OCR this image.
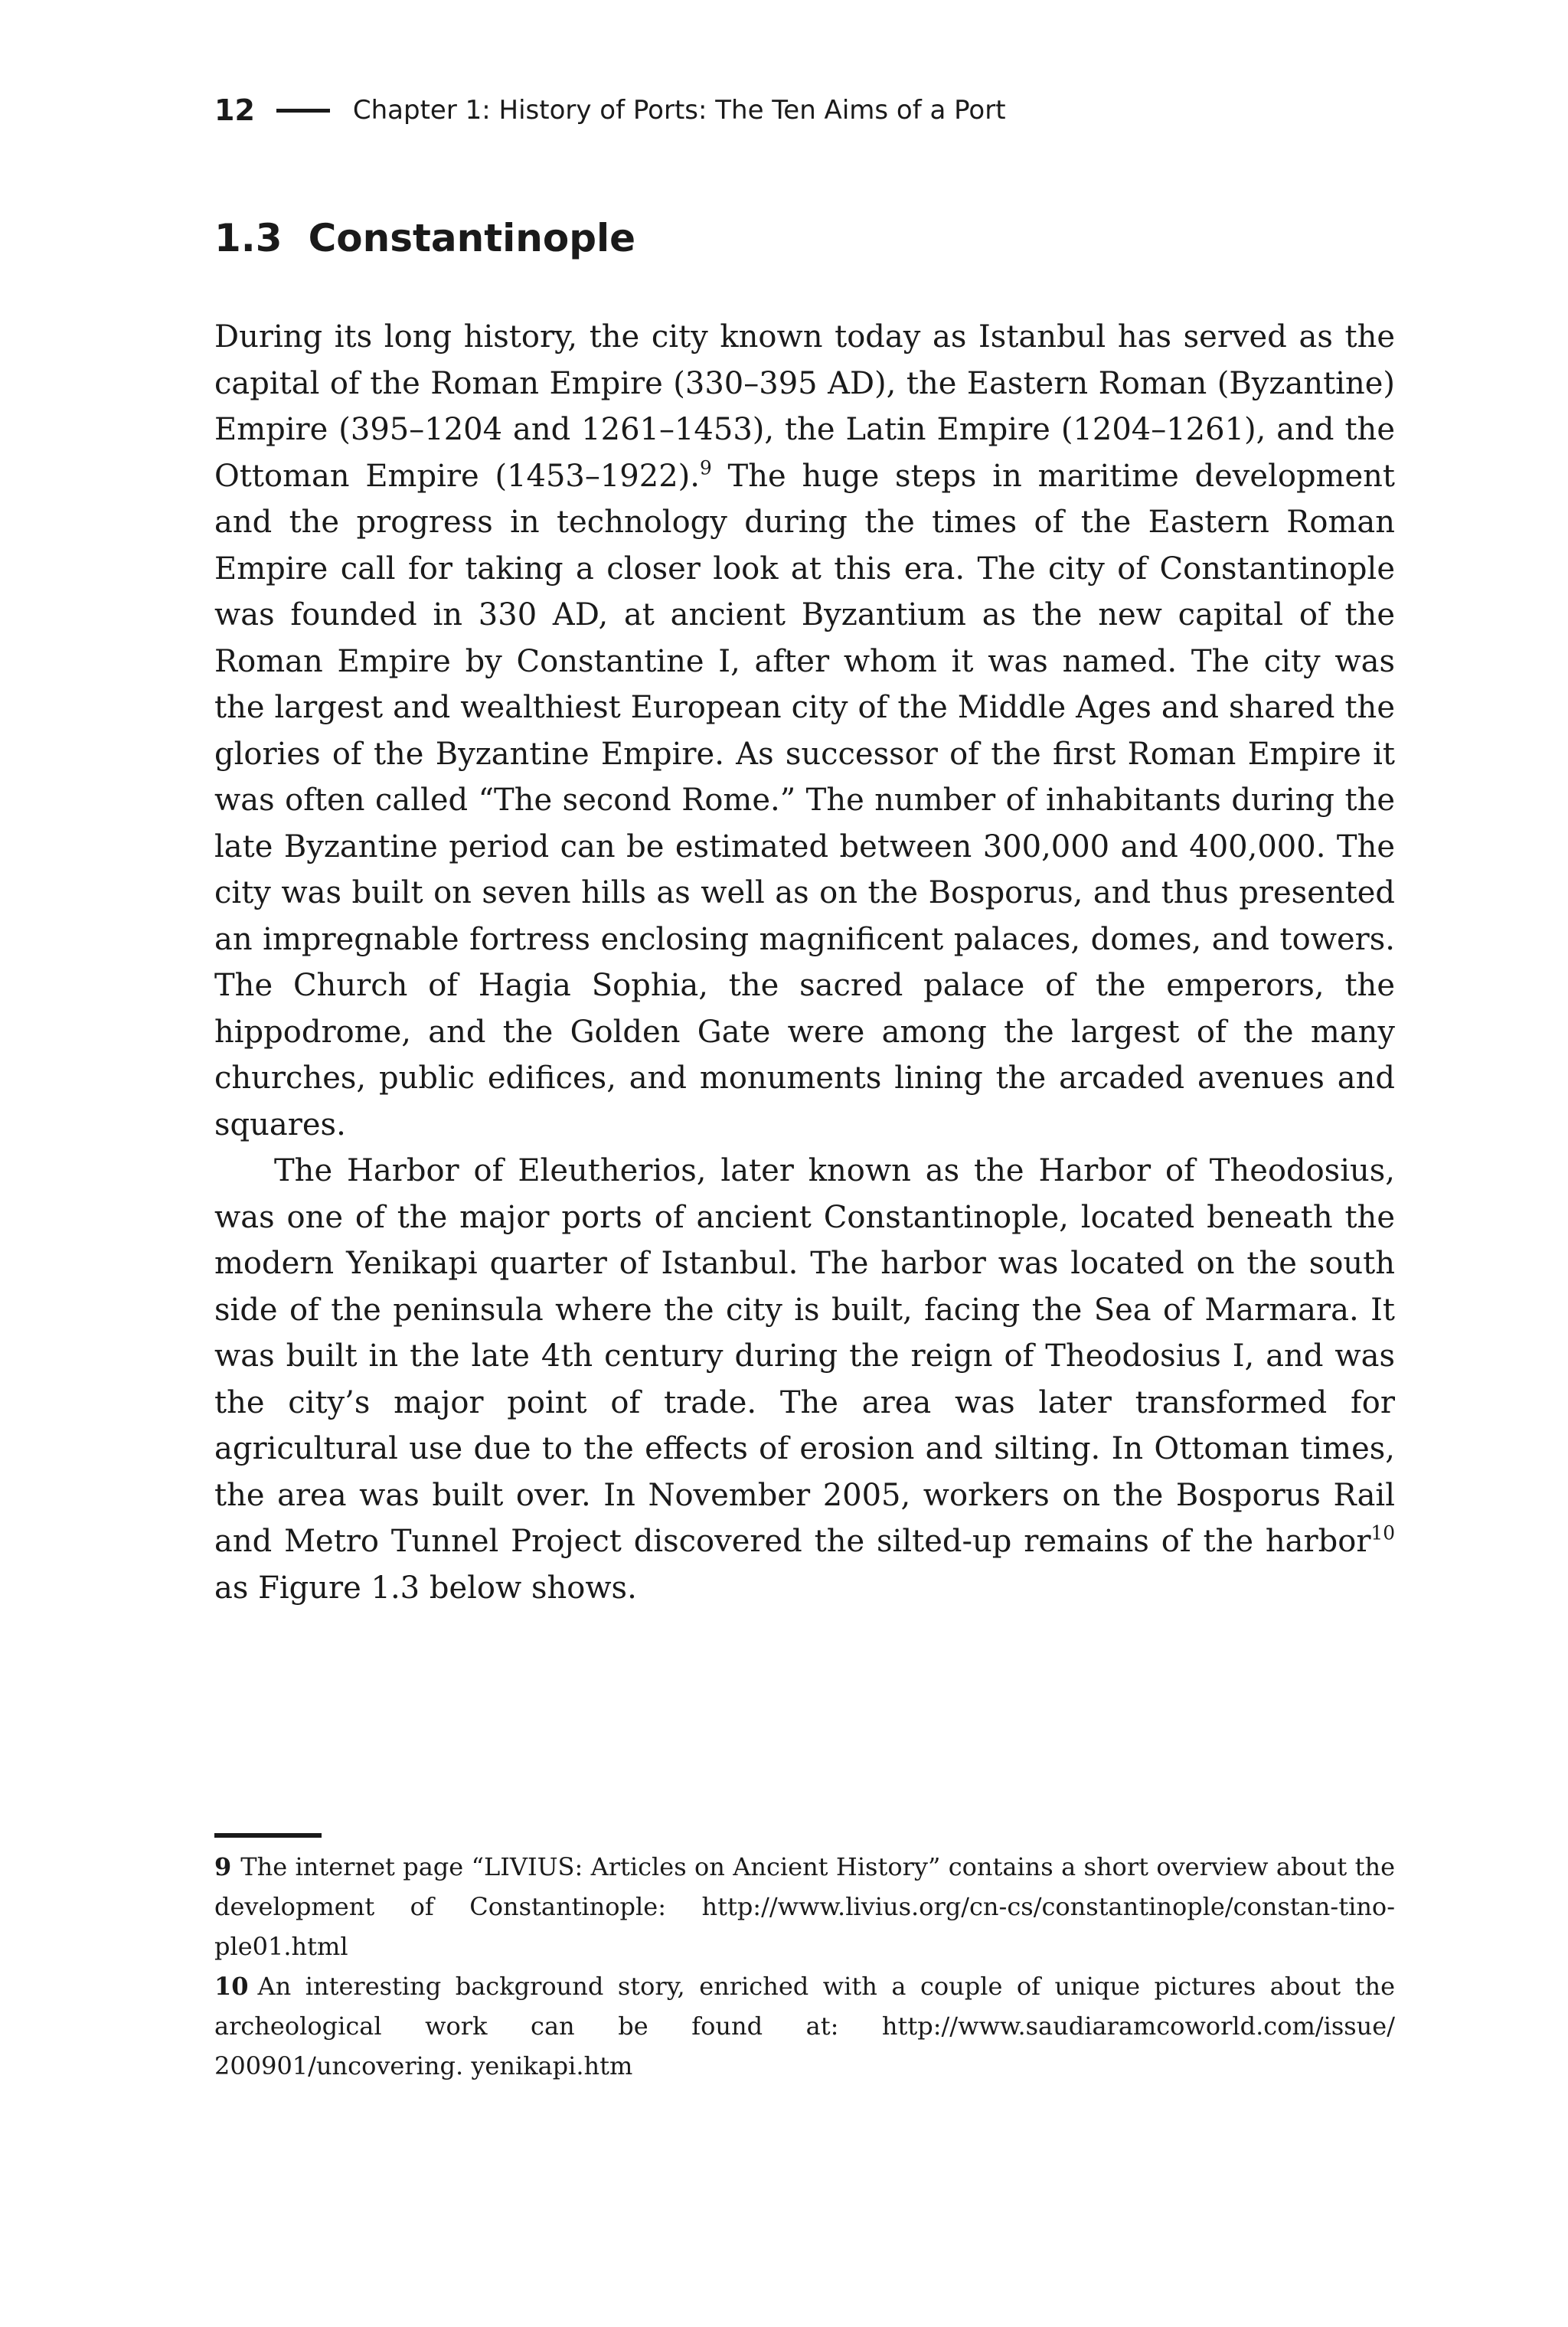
12	Chapter 1: History of Ports: The Ten Aims of a Port
1.3 Constantinople

During its long history, the city known today as Istanbul has served as the capital of the Roman Empire (330–395 AD), the Eastern Roman (Byzantine) Empire (395–1204 and 1261–1453), the Latin Empire (1204–1261), and the Ottoman Empire (1453–1922).$^9$ The huge steps in maritime development and the progress in technology during the times of the Eastern Roman Empire call for taking a closer look at this era. The city of Constantinople was founded in 330 AD, at ancient Byzantium as the new capital of the Roman Empire by Constantine I, after whom it was named. The city was the largest and wealthiest European city of the Middle Ages and shared the glories of the Byzantine Empire. As successor of the first Roman Empire it was often called “The second Rome.” The number of inhabitants during the late Byzantine period can be estimated between 300,000 and 400,000. The city was built on seven hills as well as on the Bosporus, and thus presented an impregnable fortress enclosing magnificent palaces, domes, and towers. The Church of Hagia Sophia, the sacred palace of the emperors, the hippodrome, and the Golden Gate were among the largest of the many churches, public edifices, and monuments lining the arcaded avenues and squares.

The Harbor of Eleutherios, later known as the Harbor of Theodosius, was one of the major ports of ancient Constantinople, located beneath the modern Yenikapi quarter of Istanbul. The harbor was located on the south side of the peninsula where the city is built, facing the Sea of Marmara. It was built in the late 4th century during the reign of Theodosius I, and was the city’s major point of trade. The area was later transformed for agricultural use due to the effects of erosion and silting. In Ottoman times, the area was built over. In November 2005, workers on the Bosporus Rail and Metro Tunnel Project discovered the silted-up remains of the harbor$^{10}$ as Figure 1.3 below shows.

9 The internet page “LIVIUS: Articles on Ancient History” contains a short overview about the development of Constantinople: http://www.livius.org/cn-cs/constantinople/constan-tinople01.html

10 An interesting background story, enriched with a couple of unique pictures about the archeological work can be found at: http://www.saudiaramcoworld.com/issue/ 200901/uncovering. yenikapi.htm
